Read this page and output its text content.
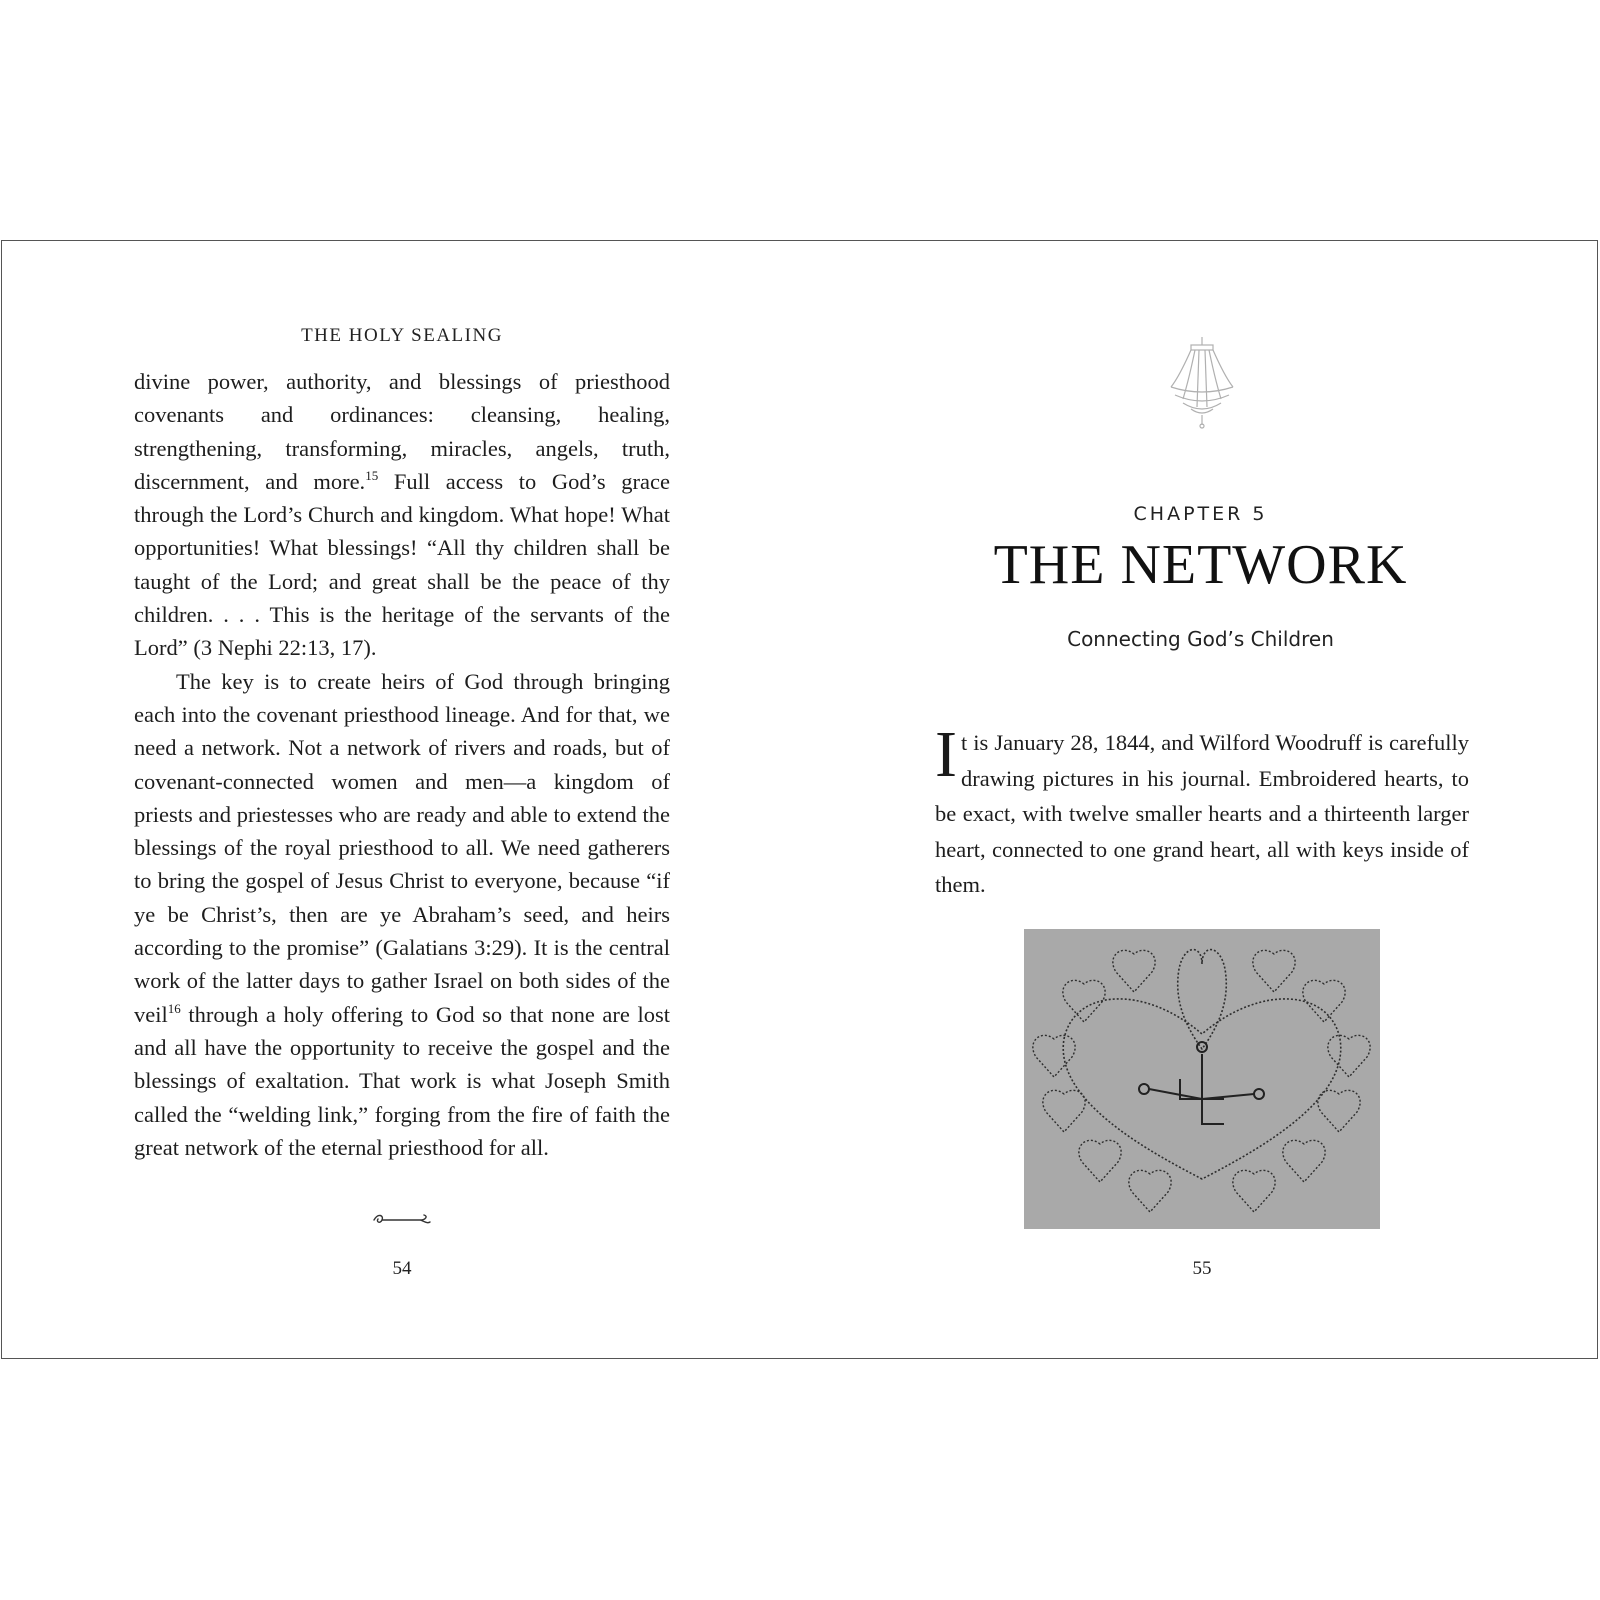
THE HOLY SEALING

divine power, authority, and blessings of priesthood covenants and ordinances: cleansing, healing, strengthening, transforming, miracles, angels, truth, discernment, and more.$^{15}$ Full access to God’s grace through the Lord’s Church and kingdom. What hope! What opportunities! What blessings! “All thy children shall be taught of the Lord; and great shall be the peace of thy children. . . . This is the heritage of the servants of the Lord” (3 Nephi 22:13, 17).

The key is to create heirs of God through bringing each into the covenant priesthood lineage. And for that, we need a network. Not a network of rivers and roads, but of covenant-connected women and men—a kingdom of priests and priestesses who are ready and able to extend the blessings of the royal priesthood to all. We need gatherers to bring the gospel of Jesus Christ to everyone, because “if ye be Christ’s, then are ye Abraham’s seed, and heirs according to the promise” (Galatians 3:29). It is the central work of the latter days to gather Israel on both sides of the veil$^{16}$ through a holy offering to God so that none are lost and all have the opportunity to receive the gospel and the blessings of exaltation. That work is what Joseph Smith called the “welding link,” forging from the fire of faith the great network of the eternal priesthood for all.

54
CHAPTER 5
THE NETWORK
Connecting God’s Children

It is January 28, 1844, and Wilford Woodruff is carefully drawing pictures in his journal. Embroidered hearts, to be exact, with twelve smaller hearts and a thirteenth larger heart, connected to one grand heart, all with keys inside of them.

55
